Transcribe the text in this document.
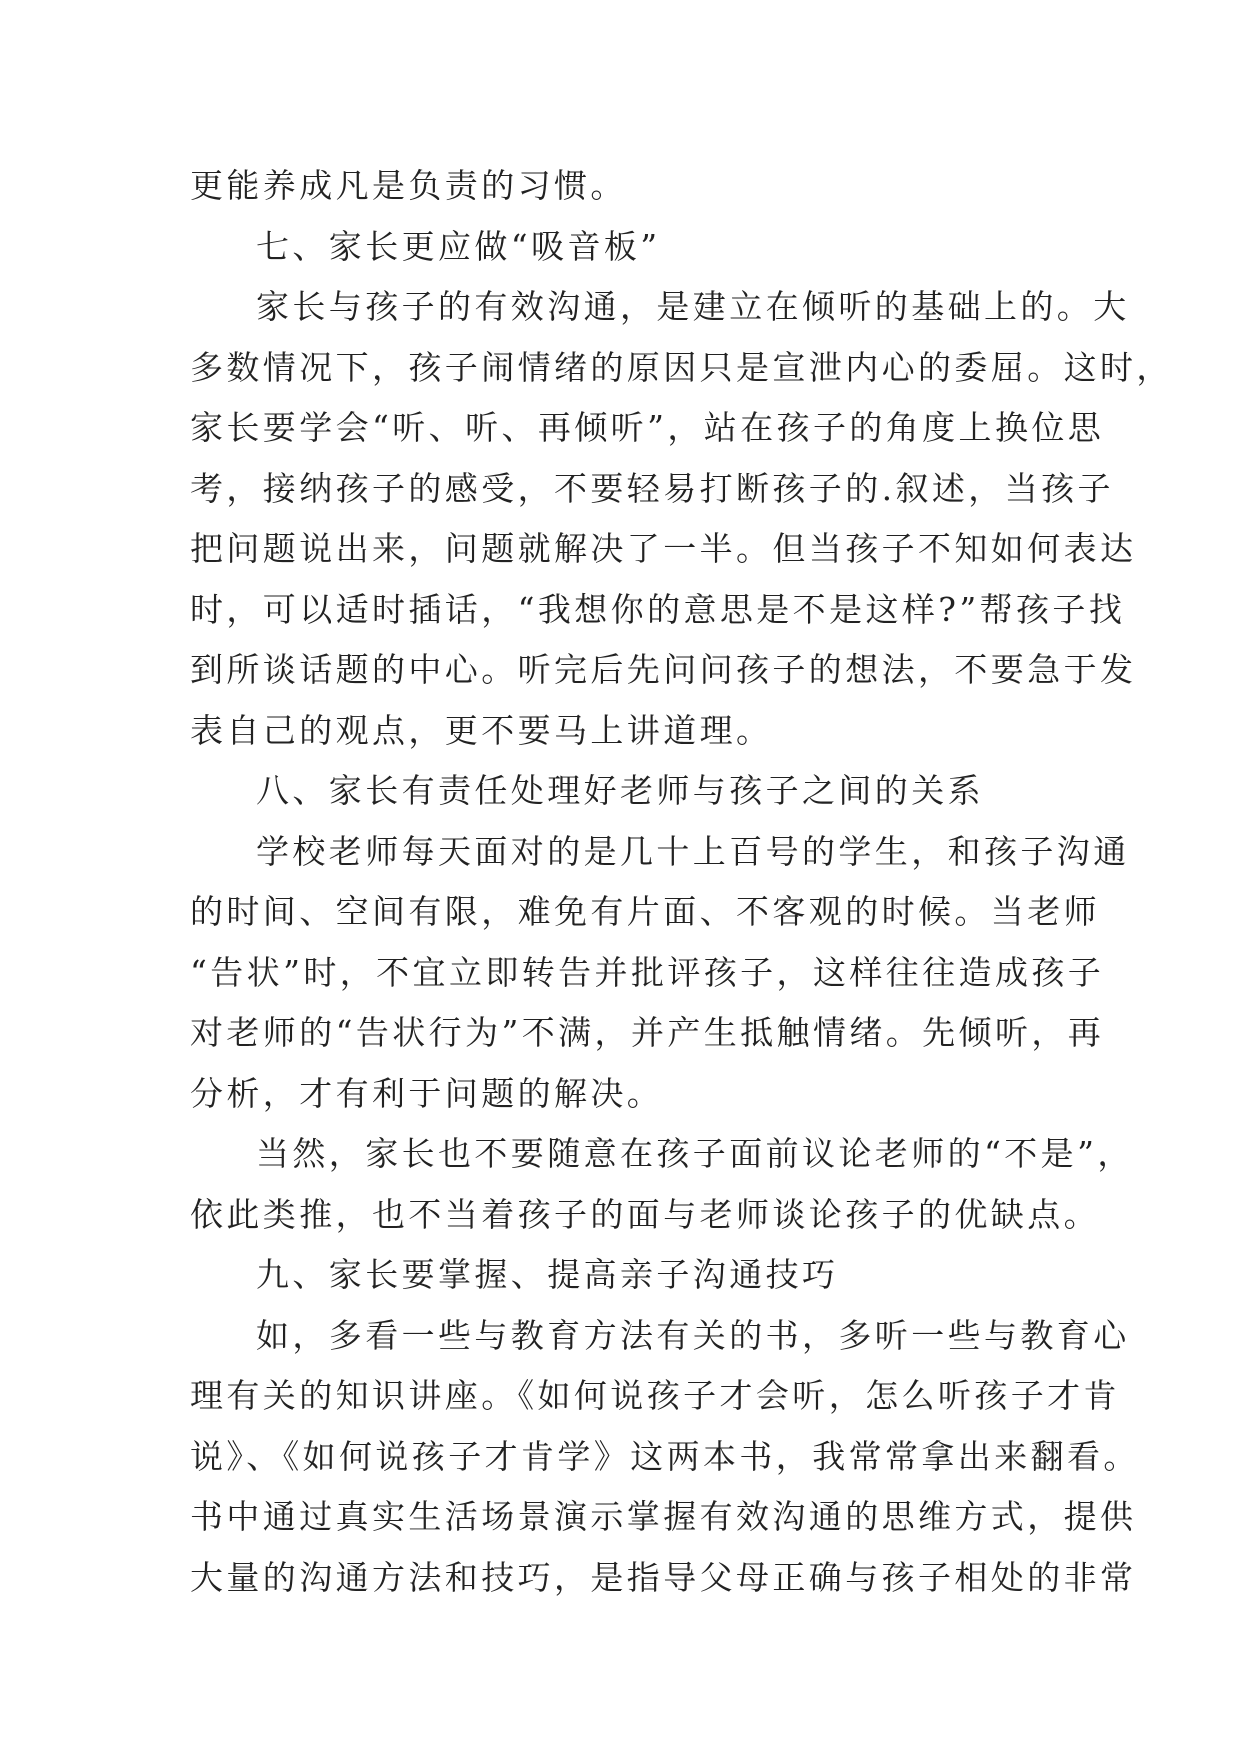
更能养成凡是负责的习惯。
七、家长更应做“吸音板”
家长与孩子的有效沟通，是建立在倾听的基础上的。大
多数情况下，孩子闹情绪的原因只是宣泄内心的委屈。这时，
家长要学会“听、听、再倾听”，站在孩子的角度上换位思
考，接纳孩子的感受，不要轻易打断孩子的.叙述，当孩子
把问题说出来，问题就解决了一半。但当孩子不知如何表达
时，可以适时插话，“我想你的意思是不是这样?”帮孩子找
到所谈话题的中心。听完后先问问孩子的想法，不要急于发
表自己的观点，更不要马上讲道理。
八、家长有责任处理好老师与孩子之间的关系
学校老师每天面对的是几十上百号的学生，和孩子沟通
的时间、空间有限，难免有片面、不客观的时候。当老师
“告状”时，不宜立即转告并批评孩子，这样往往造成孩子
对老师的“告状行为”不满，并产生抵触情绪。先倾听，再
分析，才有利于问题的解决。
当然，家长也不要随意在孩子面前议论老师的“不是”，
依此类推，也不当着孩子的面与老师谈论孩子的优缺点。
九、家长要掌握、提高亲子沟通技巧
如，多看一些与教育方法有关的书，多听一些与教育心
理有关的知识讲座。《如何说孩子才会听，怎么听孩子才肯
说》、《如何说孩子才肯学》这两本书，我常常拿出来翻看。
书中通过真实生活场景演示掌握有效沟通的思维方式，提供
大量的沟通方法和技巧，是指导父母正确与孩子相处的非常
